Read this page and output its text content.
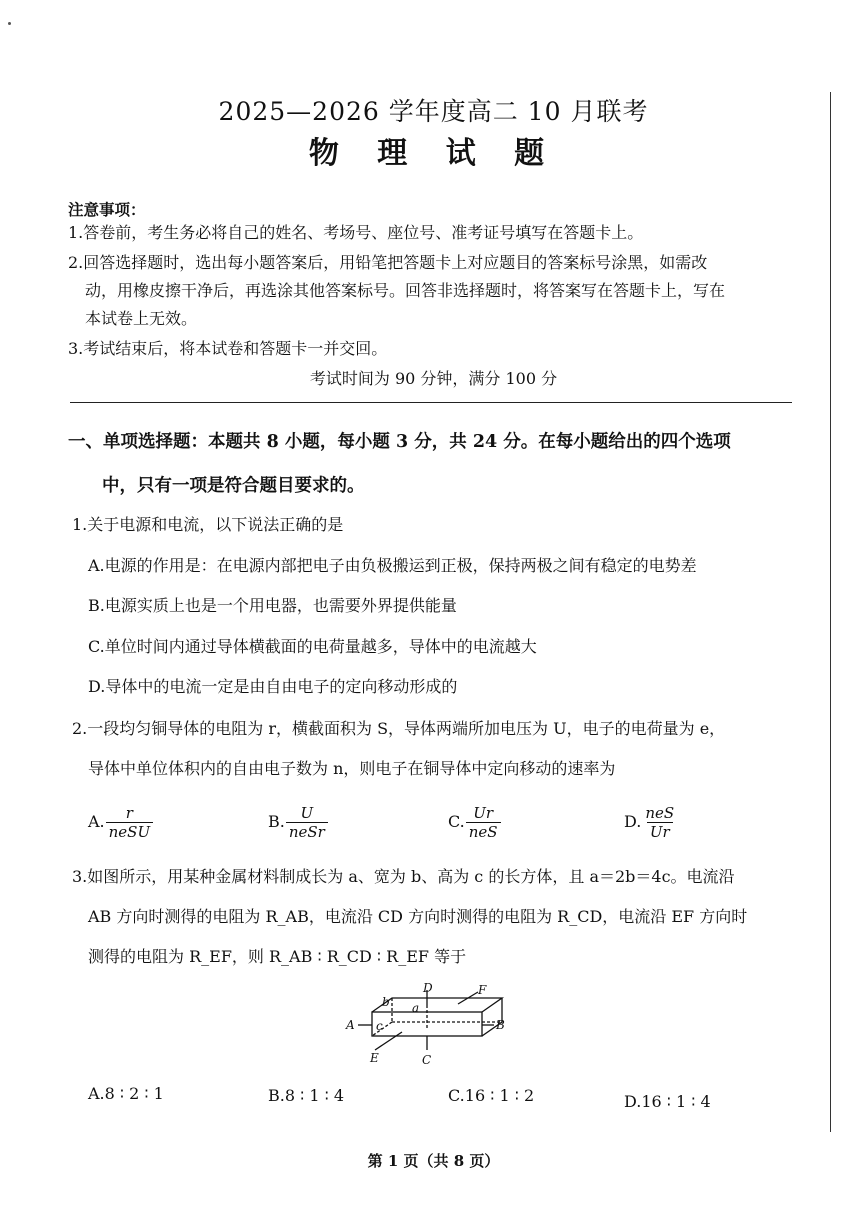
2025—2026 学年度高二 10 月联考
物 理 试 题
注意事项：
1.答卷前，考生务必将自己的姓名、考场号、座位号、准考证号填写在答题卡上。
2.回答选择题时，选出每小题答案后，用铅笔把答题卡上对应题目的答案标号涂黑，如需改
动，用橡皮擦干净后，再选涂其他答案标号。回答非选择题时，将答案写在答题卡上，写在
本试卷上无效。
3.考试结束后，将本试卷和答题卡一并交回。
考试时间为 90 分钟，满分 100 分
一、单项选择题：本题共 8 小题，每小题 3 分，共 24 分。在每小题给出的四个选项
中，只有一项是符合题目要求的。
1.关于电源和电流，以下说法正确的是
A.电源的作用是：在电源内部把电子由负极搬运到正极，保持两极之间有稳定的电势差
B.电源实质上也是一个用电器，也需要外界提供能量
C.单位时间内通过导体横截面的电荷量越多，导体中的电流越大
D.导体中的电流一定是由自由电子的定向移动形成的
2.一段均匀铜导体的电阻为 r，横截面积为 S，导体两端所加电压为 U，电子的电荷量为 e，
导体中单位体积内的自由电子数为 n，则电子在铜导体中定向移动的速率为
A. $\frac{r}{\text{neSU}}$	B. $\frac{U}{\text{neSr}}$	C. $\frac{Ur}{\text{neS}}$	D. $\frac{\text{neS}}{Ur}$
3.如图所示，用某种金属材料制成长为 a、宽为 b、高为 c 的长方体，且 a＝2b＝4c。电流沿
AB 方向时测得的电阻为 R_AB，电流沿 CD 方向时测得的电阻为 R_CD，电流沿 EF 方向时
测得的电阻为 R_EF，则 R_AB ∶ R_CD ∶ R_EF 等于
A	B
C
D
E
F
a
b
c
A.8 ∶ 2 ∶ 1	B.8 ∶ 1 ∶ 4	C.16 ∶ 1 ∶ 2	D.16 ∶ 1 ∶ 4
第 1 页（共 8 页）
